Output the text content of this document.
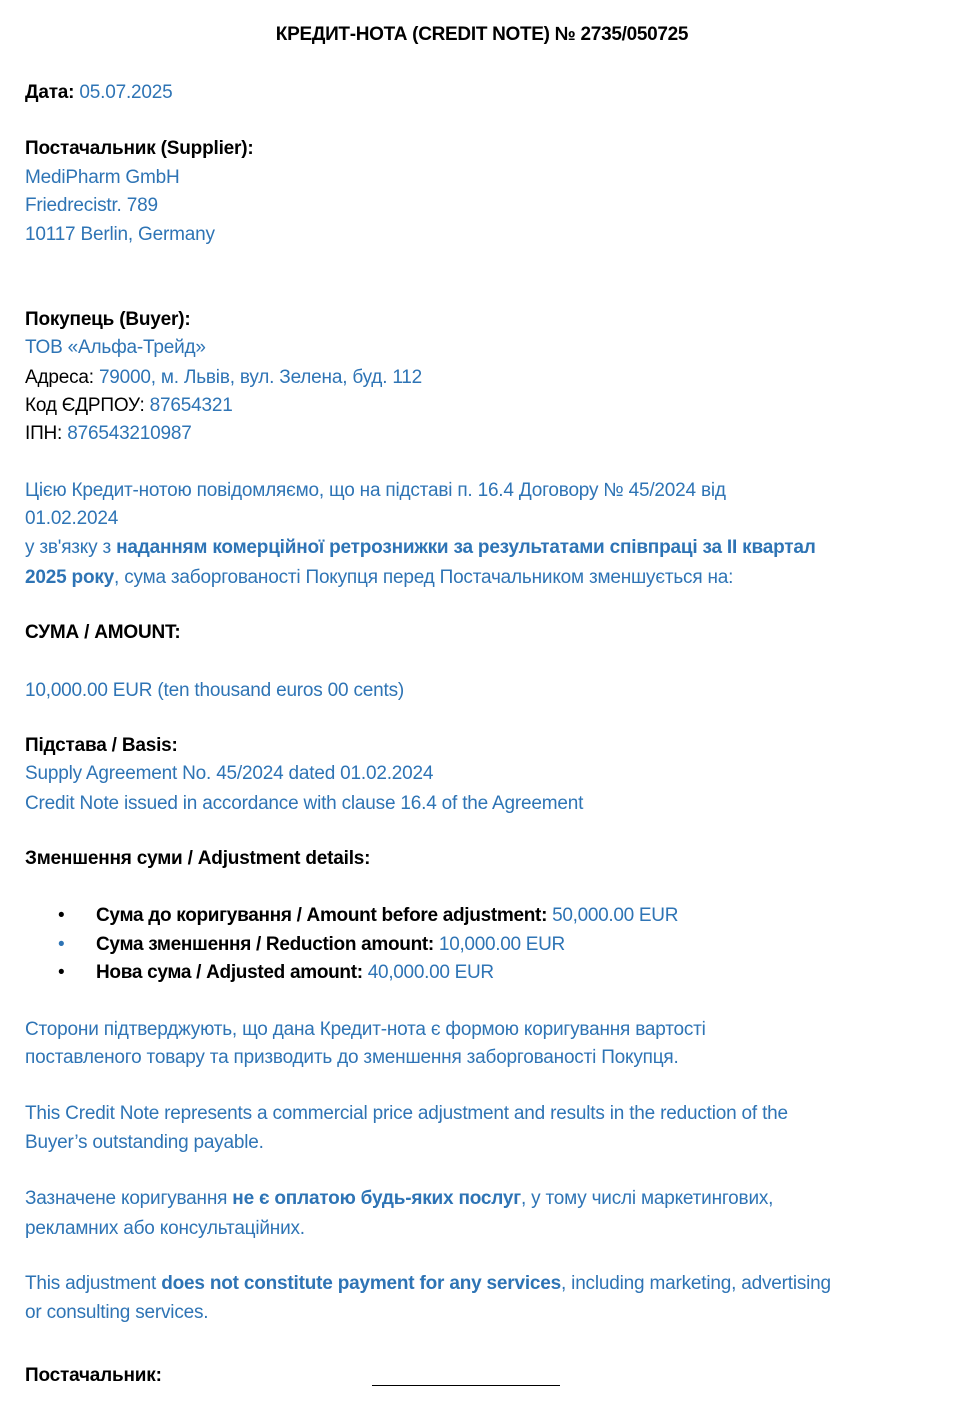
КРЕДИТ-НОТА (CREDIT NOTE) № 2735/050725
Дата: 05.07.2025
Постачальник (Supplier):
MediPharm GmbH
Friedrecistr. 789
10117 Berlin, Germany
Покупець (Buyer):
ТОВ «Альфа-Трейд»
Адреса: 79000, м. Львів, вул. Зелена, буд. 112
Код ЄДРПОУ: 87654321
ІПН: 876543210987
Цією Кредит-нотою повідомляємо, що на підставі п. 16.4 Договору № 45/2024 від
01.02.2024
у зв'язку з наданням комерційної ретрознижки за результатами співпраці за II квартал
2025 року, сума заборгованості Покупця перед Постачальником зменшується на:
СУМА / AMOUNT:
10,000.00 EUR (ten thousand euros 00 cents)
Підстава / Basis:
Supply Agreement No. 45/2024 dated 01.02.2024
Credit Note issued in accordance with clause 16.4 of the Agreement
Зменшення суми / Adjustment details:
• Сума до коригування / Amount before adjustment: 50,000.00 EUR
• Сума зменшення / Reduction amount: 10,000.00 EUR
• Нова сума / Adjusted amount: 40,000.00 EUR
Сторони підтверджують, що дана Кредит-нота є формою коригування вартості
поставленого товару та призводить до зменшення заборгованості Покупця.
This Credit Note represents a commercial price adjustment and results in the reduction of the
Buyer’s outstanding payable.
Зазначене коригування не є оплатою будь-яких послуг, у тому числі маркетингових,
рекламних або консультаційних.
This adjustment does not constitute payment for any services, including marketing, advertising
or consulting services.
Постачальник:
